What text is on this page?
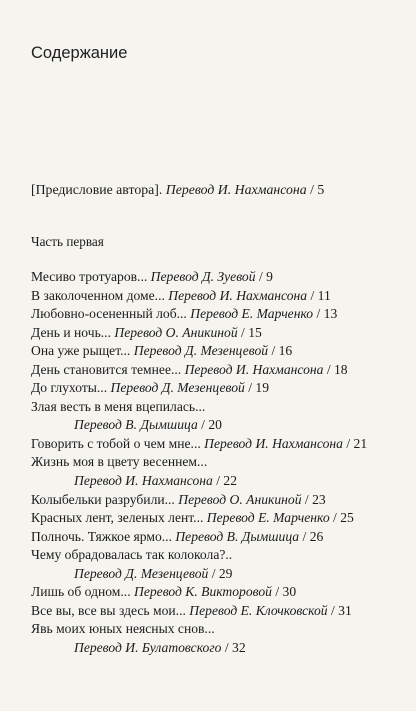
Содержание
[Предисловие автора]. Перевод И. Нахмансона / 5
Часть первая
Месиво тротуаров... Перевод Д. Зуевой / 9
В заколоченном доме... Перевод И. Нахмансона / 11
Любовно-осененный лоб... Перевод Е. Марченко / 13
День и ночь... Перевод О. Аникиной / 15
Она уже рыщет... Перевод Д. Мезенцевой / 16
День становится темнее... Перевод И. Нахмансона / 18
До глухоты... Перевод Д. Мезенцевой / 19
Злая весть в меня вцепилась...
Перевод В. Дымшица / 20
Говорить с тобой о чем мне... Перевод И. Нахмансона / 21
Жизнь моя в цвету весеннем...
Перевод И. Нахмансона / 22
Колыбельки разрубили... Перевод О. Аникиной / 23
Красных лент, зеленых лент... Перевод Е. Марченко / 25
Полночь. Тяжкое ярмо... Перевод В. Дымшица / 26
Чему обрадовалась так колокола?..
Перевод Д. Мезенцевой / 29
Лишь об одном... Перевод К. Викторовой / 30
Все вы, все вы здесь мои... Перевод Е. Клочковской / 31
Явь моих юных неясных снов...
Перевод И. Булатовского / 32
